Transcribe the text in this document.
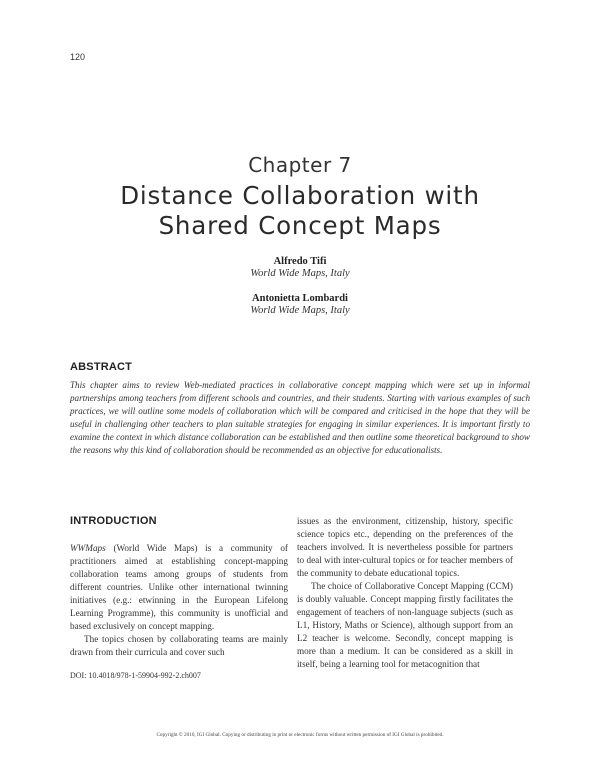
120
Chapter 7
Distance Collaboration with
Shared Concept Maps
Alfredo Tifi
World Wide Maps, Italy
Antonietta Lombardi
World Wide Maps, Italy
ABSTRACT
This chapter aims to review Web-mediated practices in collaborative concept mapping which were set up in informal partnerships among teachers from different schools and countries, and their students. Starting with various examples of such practices, we will outline some models of collaboration which will be compared and criticised in the hope that they will be useful in challenging other teachers to plan suitable strategies for engaging in similar experiences. It is important firstly to examine the context in which distance collaboration can be established and then outline some theoretical background to show the reasons why this kind of collaboration should be recommended as an objective for educationalists.
INTRODUCTION

WWMaps (World Wide Maps) is a community of practitioners aimed at establishing concept-mapping collaboration teams among groups of students from different countries. Unlike other international twinning initiatives (e.g.: etwinning in the European Lifelong Learning Programme), this community is unofficial and based exclusively on concept mapping.

The topics chosen by collaborating teams are mainly drawn from their curricula and cover such

issues as the environment, citizenship, history, specific science topics etc., depending on the preferences of the teachers involved. It is nevertheless possible for partners to deal with inter-cultural topics or for teacher members of the community to debate educational topics.

The choice of Collaborative Concept Mapping (CCM) is doubly valuable. Concept mapping firstly facilitates the engagement of teachers of non-language subjects (such as L1, History, Maths or Science), although support from an L2 teacher is welcome. Secondly, concept mapping is more than a medium. It can be considered as a skill in itself, being a learning tool for metacognition that

DOI: 10.4018/978-1-59904-992-2.ch007
Copyright © 2010, IGI Global. Copying or distributing in print or electronic forms without written permission of IGI Global is prohibited.
